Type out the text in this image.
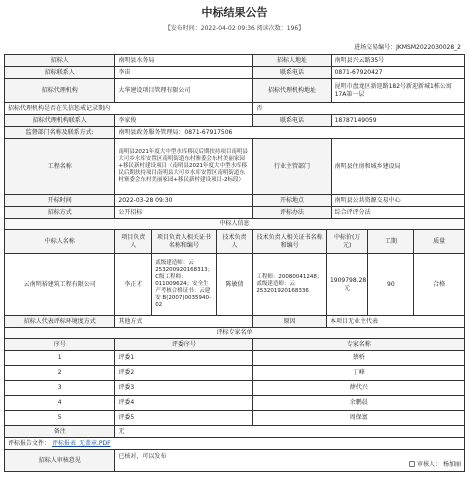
中标结果公告
【发布时间：2022-04-02 09:36 阅读次数：196】
进场交易编号：JKMSM2022030028_2
招标人	南明县水务局	招标人地址	南明县兴云路35号
招标联系人	李宙	联系电话	0871-67920427
招标代理机构	大华建设项目管理有限公司	招标代理机构地址	昆明市盘龙区新迎路182号新迎新城1栋公寓17A第一层
招标代理机构是否在失信惩戒记录期内		否	
招标代理机构联系人	李家俊	联系电话	18787149059
监督部门名称及联系方式:	南明县政务服务管理局：0871-67917506		
工程名称	南明县2021年度大中型水库移民后期扶持项目南明县大可乡水库安置区南明街道东村寨委会东村美丽家园+移民新村建设项目（南明县2021年度大中型水库移民后期扶持项目南明县大可乡水库安置区南明街道东村寨委会东村美丽家园+移民新村建设项目-2标段）	行业主管部门	南明县住房和城乡建设局
开标时间	2022-03-28 09:30	开标地点	南明县公共资源交易中心
招标方式	公开招标	评标办法	综合评评分法
中标人信息							
中标人名称	项目负责人	项目负责人相关证书名称和编号	技术负责人	技术负责人相关证书名称和编号	中标价(万元)	工期	质量
云南明裕建筑工程有限公司	李正才	贰级建造师：云253200920168313；C级工程师：011009624；安全生产考核合格证书：云建安 B(2007)0035940-02	陈敏倩	工程师：20080041248；贰级建造师：云253201920168336	1909798.28 元	90	合格
招标人代表评标环境度方式	其他方式			原因	本项目无业主代表		
评标专家名单		
序号	评委序号	专家名称
1	评委1	蔡桥
2	评委2	丁峰
3	评委3	薛代兴
4	评委4	余鹏晨
5	评委5	周保富
备注	无	
评标报告文件： 评标报表_无盖章.PDF		
招标人审核意见	已核对，可以发布
审核人： 杨加丽	
